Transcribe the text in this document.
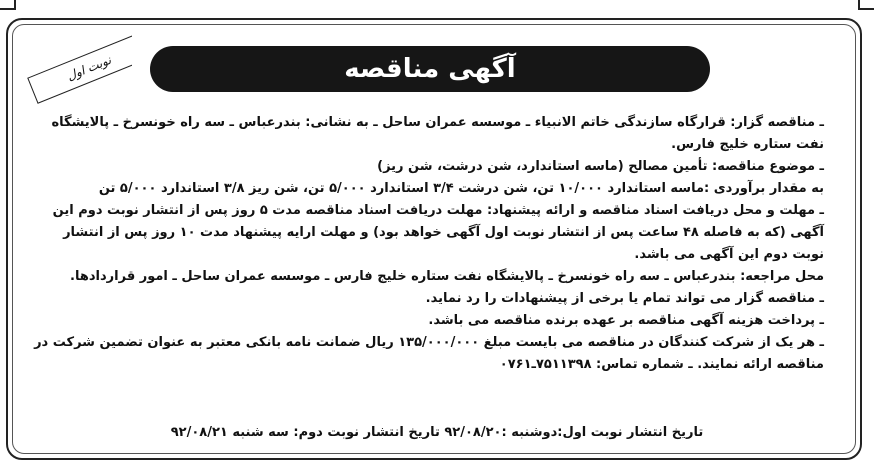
نوبت اول	آگهی مناقصه

ـ مناقصه گزار: قرارگاه سازندگی خاتم الانبیاء ـ موسسه عمران ساحل ـ به نشانی: بندرعباس ـ سه راه خونسرخ ـ پالایشگاه نفت ستاره خلیج فارس.

ـ موضوع مناقصه: تأمین مصالح (ماسه استاندارد، شن درشت، شن ریز)

به مقدار برآوردی :ماسه استاندارد ۱۰/۰۰۰ تن، شن درشت ۳/۴ استاندارد ۵/۰۰۰ تن، شن ریز ۳/۸ استاندارد ۵/۰۰۰ تن

ـ مهلت و محل دریافت اسناد مناقصه و ارائه پیشنهاد: مهلت دریافت اسناد مناقصه مدت ۵ روز پس از انتشار نوبت دوم این آگهی (که به فاصله ۴۸ ساعت پس از انتشار نوبت اول آگهی خواهد بود) و مهلت ارایه پیشنهاد مدت ۱۰ روز پس از انتشار نوبت دوم این آگهی می باشد.

محل مراجعه: بندرعباس ـ سه راه خونسرخ ـ پالایشگاه نفت ستاره خلیج فارس ـ موسسه عمران ساحل ـ امور قراردادها.

ـ مناقصه گزار می تواند تمام یا برخی از پیشنهادات را رد نماید.

ـ پرداخت هزینه آگهی مناقصه بر عهده برنده مناقصه می باشد.

ـ هر یک از شرکت کنندگان در مناقصه می بایست مبلغ ۱۳۵/۰۰۰/۰۰۰ ریال ضمانت نامه بانکی معتبر به عنوان تضمین شرکت در مناقصه ارائه نمایند. ـ شماره تماس: ۷۵۱۱۳۹۸ـ۰۷۶۱

تاریخ انتشار نوبت اول:دوشنبه :۹۲/۰۸/۲۰ تاریخ انتشار نوبت دوم: سه شنبه ۹۲/۰۸/۲۱
